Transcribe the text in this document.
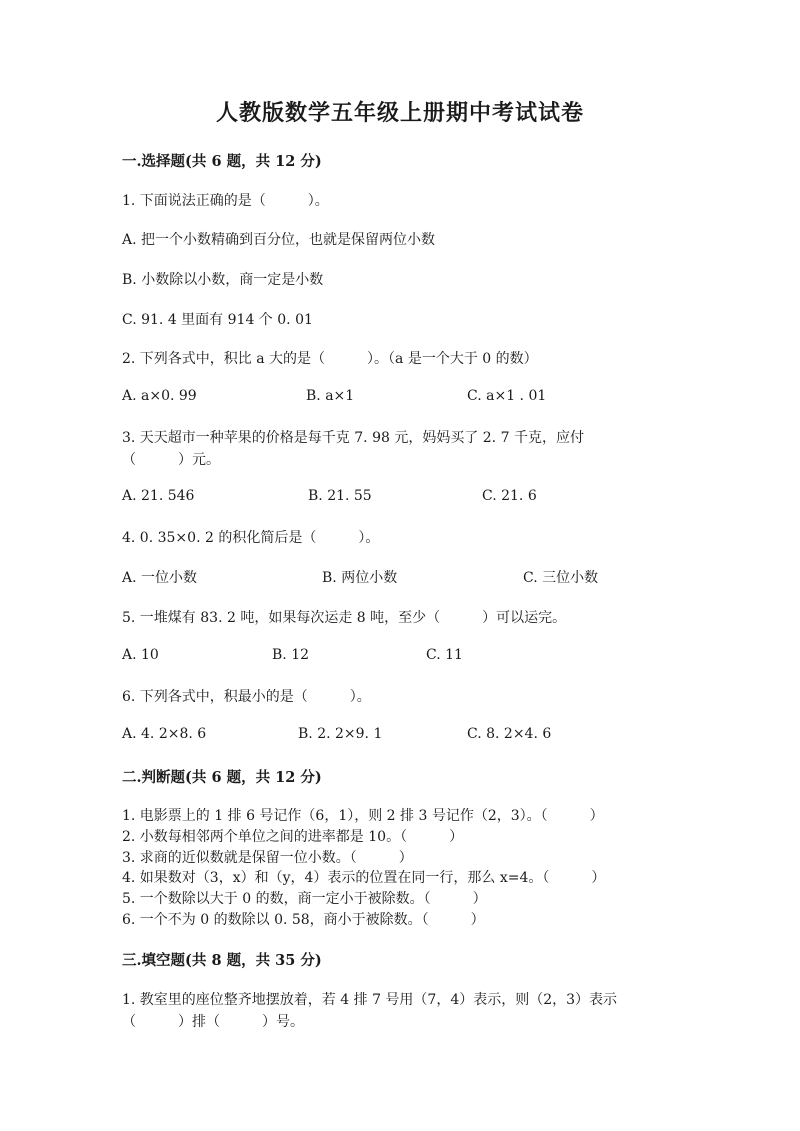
人教版数学五年级上册期中考试试卷
一.选择题(共 6 题，共 12 分)
1. 下面说法正确的是（　　　）。
A. 把一个小数精确到百分位，也就是保留两位小数
B. 小数除以小数，商一定是小数
C. 91. 4 里面有 914 个 0. 01
2. 下列各式中，积比 a 大的是（　　　）。（a 是一个大于 0 的数）
A. a×0. 99	B. a×1	C. a×1 . 01
3. 天天超市一种苹果的价格是每千克 7. 98 元，妈妈买了 2. 7 千克，应付
（　　　）元。
A. 21. 546	B. 21. 55	C. 21. 6
4. 0. 35×0. 2 的积化简后是（　　　）。
A. 一位小数	B. 两位小数	C. 三位小数
5. 一堆煤有 83. 2 吨，如果每次运走 8 吨，至少（　　　）可以运完。
A. 10	B. 12	C. 11
6. 下列各式中，积最小的是（　　　）。
A. 4. 2×8. 6	B. 2. 2×9. 1	C. 8. 2×4. 6
二.判断题(共 6 题，共 12 分)
1. 电影票上的 1 排 6 号记作（6，1），则 2 排 3 号记作（2，3）。（　　　）
2. 小数每相邻两个单位之间的进率都是 10。（　　　）
3. 求商的近似数就是保留一位小数。（　　　）
4. 如果数对（3，x）和（y，4）表示的位置在同一行，那么 x=4。（　　　）
5. 一个数除以大于 0 的数，商一定小于被除数。（　　　）
6. 一个不为 0 的数除以 0. 58，商小于被除数。（　　　）
三.填空题(共 8 题，共 35 分)
1. 教室里的座位整齐地摆放着，若 4 排 7 号用（7，4）表示，则（2，3）表示
（　　　）排（　　　）号。
